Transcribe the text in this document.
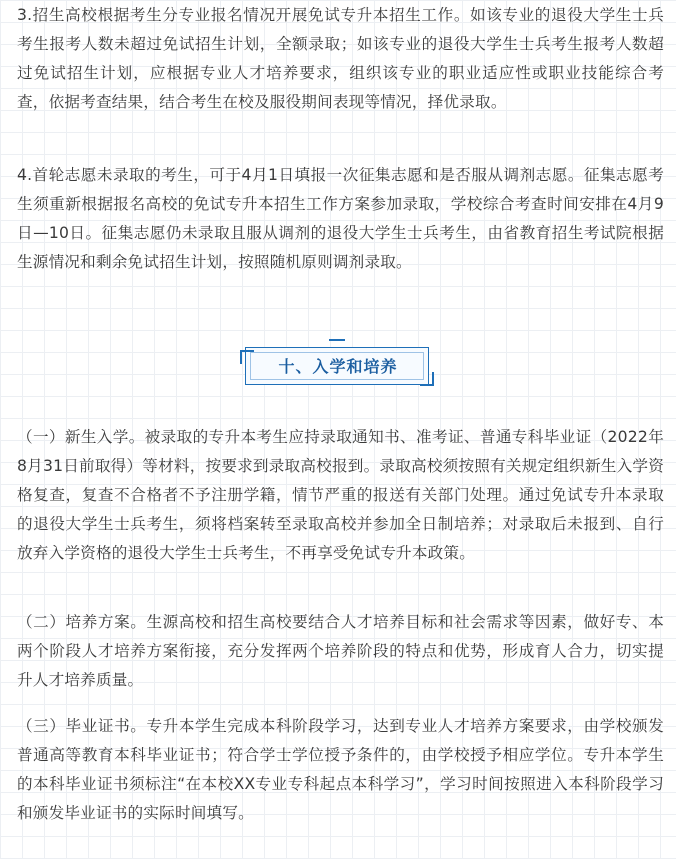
3.招生高校根据考生分专业报名情况开展免试专升本招生工作。如该专业的退役大学生士兵考生报考人数未超过免试招生计划，全额录取；如该专业的退役大学生士兵考生报考人数超过免试招生计划，应根据专业人才培养要求，组织该专业的职业适应性或职业技能综合考查，依据考查结果，结合考生在校及服役期间表现等情况，择优录取。

4.首轮志愿未录取的考生，可于4月1日填报一次征集志愿和是否服从调剂志愿。征集志愿考生须重新根据报名高校的免试专升本招生工作方案参加录取，学校综合考查时间安排在4月9日—10日。征集志愿仍未录取且服从调剂的退役大学生士兵考生，由省教育招生考试院根据生源情况和剩余免试招生计划，按照随机原则调剂录取。

十、入学和培养

（一）新生入学。被录取的专升本考生应持录取通知书、准考证、普通专科毕业证（2022年8月31日前取得）等材料，按要求到录取高校报到。录取高校须按照有关规定组织新生入学资格复查，复查不合格者不予注册学籍，情节严重的报送有关部门处理。通过免试专升本录取的退役大学生士兵考生，须将档案转至录取高校并参加全日制培养；对录取后未报到、自行放弃入学资格的退役大学生士兵考生，不再享受免试专升本政策。

（二）培养方案。生源高校和招生高校要结合人才培养目标和社会需求等因素，做好专、本两个阶段人才培养方案衔接，充分发挥两个培养阶段的特点和优势，形成育人合力，切实提升人才培养质量。

（三）毕业证书。专升本学生完成本科阶段学习，达到专业人才培养方案要求，由学校颁发普通高等教育本科毕业证书；符合学士学位授予条件的，由学校授予相应学位。专升本学生的本科毕业证书须标注“在本校XX专业专科起点本科学习”，学习时间按照进入本科阶段学习和颁发毕业证书的实际时间填写。
